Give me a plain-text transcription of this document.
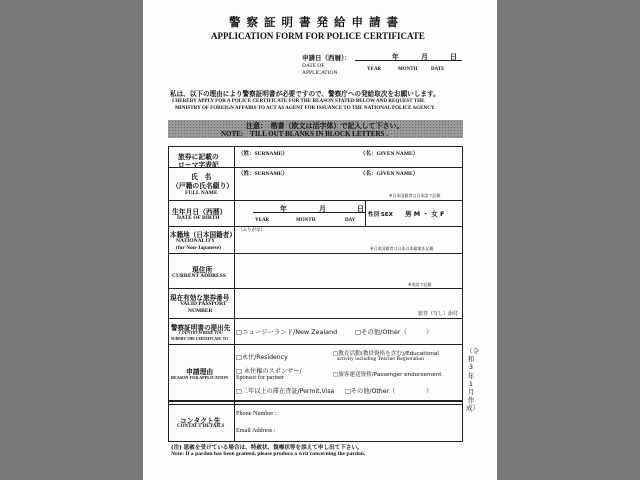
警 察 証 明 書 発 給 申 請 書
APPLICATION FORM FOR POLICE CERTIFICATE
申請日（西暦）：	年	月	日
DATE OF
APPLICATION
YEAR	MONTH	DATE
私は、以下の理由により警察証明書が必要ですので、警察庁への発給取次をお願いします。
I HEREBY APPLY FOR A POLICE CERTIFICATE FOR THE REASON STATED BELOW AND REQUEST THE
MINISTRY OF FOREIGN AFFAIRS TO ACT AS AGENT FOR ISSUANCE TO THE NATIONAL POLICE AGENCY.
注意：　楷書（欧文は活字体）で記入して下さい。
NOTE:　TILL OUT BLANKS IN BLOCK LETTERS .
旅券に記載の
ローマ字表記
（姓：SURNAME）	（名：GIVEN NAME）
氏　名
（戸籍の氏名綴り）
FULL NAME
（姓：SURNAME）	（名：GIVEN NAME）
※日本国籍者は日本語で記載
生年月日（西暦）
DATE OF BIRTH
年	月	日
YEAR	MONTH	DAY
性別 SEX 男 M ・ 女 F
本籍地（日本国籍者）
NATIONALITY
(for Non-Japanese)
（ふりがな）
※日本国籍者は日本の本籍地を記載
現住所
CURRENT ADDRESS
※英語で記載
現在有効な旅券番号
VALID PASSPORT
NUMBER	旅券（写し）添付
警察証明書の提出先
COUNTRY WHERE YOU
SUBMIT THE CERTIFICATE TO
□ニュージーランド/New Zealand	□その他/Other（　　　）
申請理由
REASON FOR APPLICATION
□永住/Residency	□教育活動(教員資格を含む)/Educational
activity including Teacher Registration
□ 永住権のスポンサー/
Sponsor for partner	□旅客運送資格/Passenger endorsement
□二年以上の滞在査証/Permit,Visa □その他/Other（　　　　　）
コンタクト先
CONTACT DETAILS
Phone Number :
Email Address :
(注) 恩赦を受けている場合は、特赦状、復権状等を添えて申し出て下さい。
Note: If a pardon has been granted, please produce a writ concerning the pardon.
（令和3年1月作成）
